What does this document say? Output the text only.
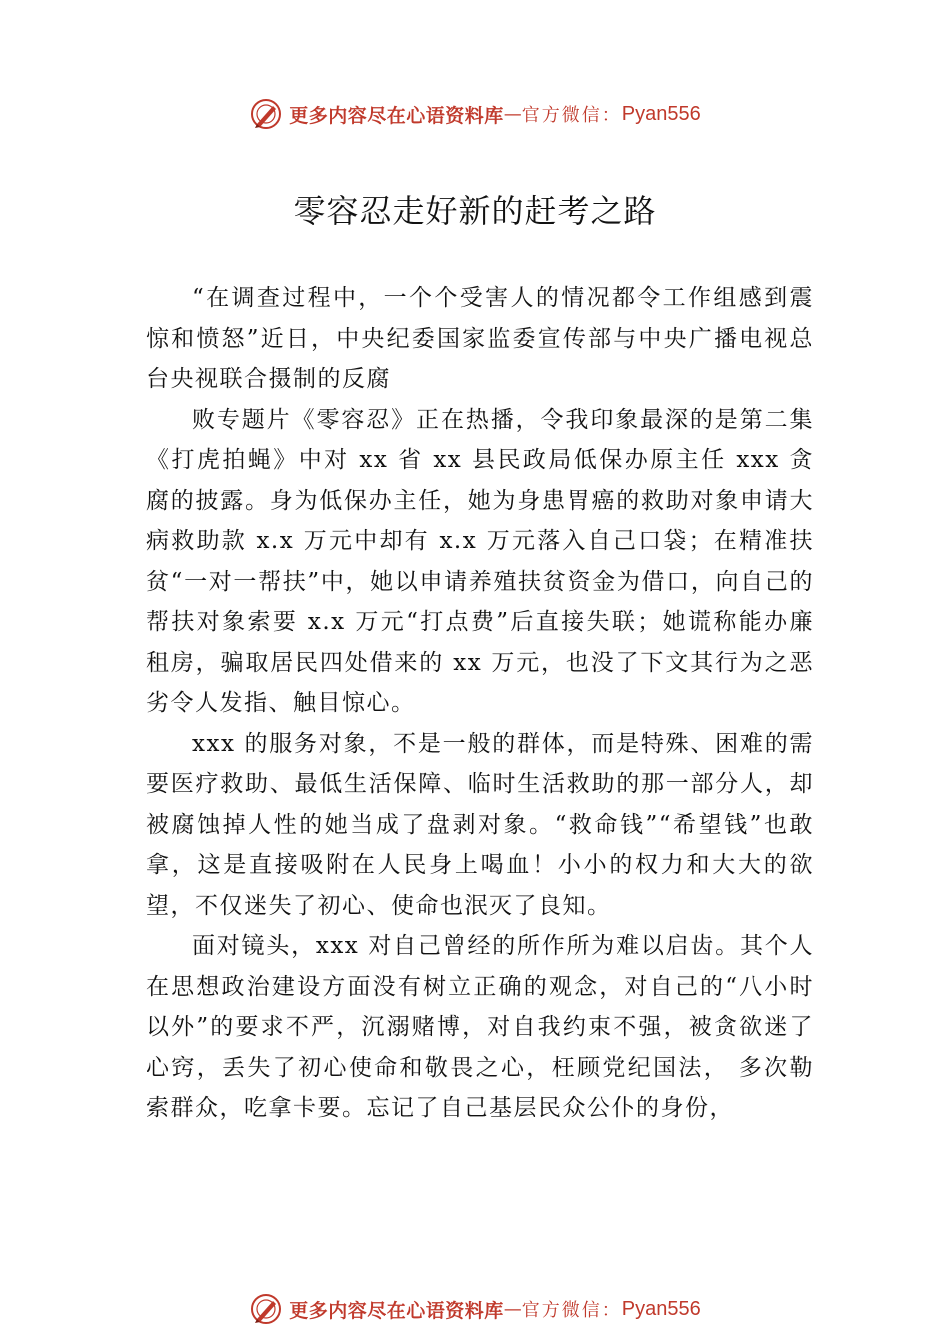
更多内容尽在心语资料库 — 官方微信： Pyan556
零容忍走好新的赶考之路

“在调查过程中，一个个受害人的情况都令工作组感到震惊和愤怒”近日，中央纪委国家监委宣传部与中央广播电视总台央视联合摄制的反腐

败专题片《零容忍》正在热播，令我印象最深的是第二集《打虎拍蝇》中对 xx 省 xx 县民政局低保办原主任 xxx 贪腐的披露。身为低保办主任，她为身患胃癌的救助对象申请大病救助款 x.x 万元中却有 x.x 万元落入自己口袋；在精准扶贫“一对一帮扶”中，她以申请养殖扶贫资金为借口，向自己的帮扶对象索要 x.x 万元“打点费”后直接失联；她谎称能办廉租房，骗取居民四处借来的 xx 万元，也没了下文其行为之恶劣令人发指、触目惊心。

xxx 的服务对象，不是一般的群体，而是特殊、困难的需要医疗救助、最低生活保障、临时生活救助的那一部分人，却被腐蚀掉人性的她当成了盘剥对象。“救命钱”“希望钱”也敢拿，这是直接吸附在人民身上喝血！小小的权力和大大的欲望，不仅迷失了初心、使命也泯灭了良知。

面对镜头，xxx 对自己曾经的所作所为难以启齿。其个人在思想政治建设方面没有树立正确的观念，对自己的“八小时以外”的要求不严，沉溺赌博，对自我约束不强，被贪欲迷了心窍，丢失了初心使命和敬畏之心，枉顾党纪国法， 多次勒索群众，吃拿卡要。忘记了自己基层民众公仆的身份，

更多内容尽在心语资料库 — 官方微信： Pyan556
